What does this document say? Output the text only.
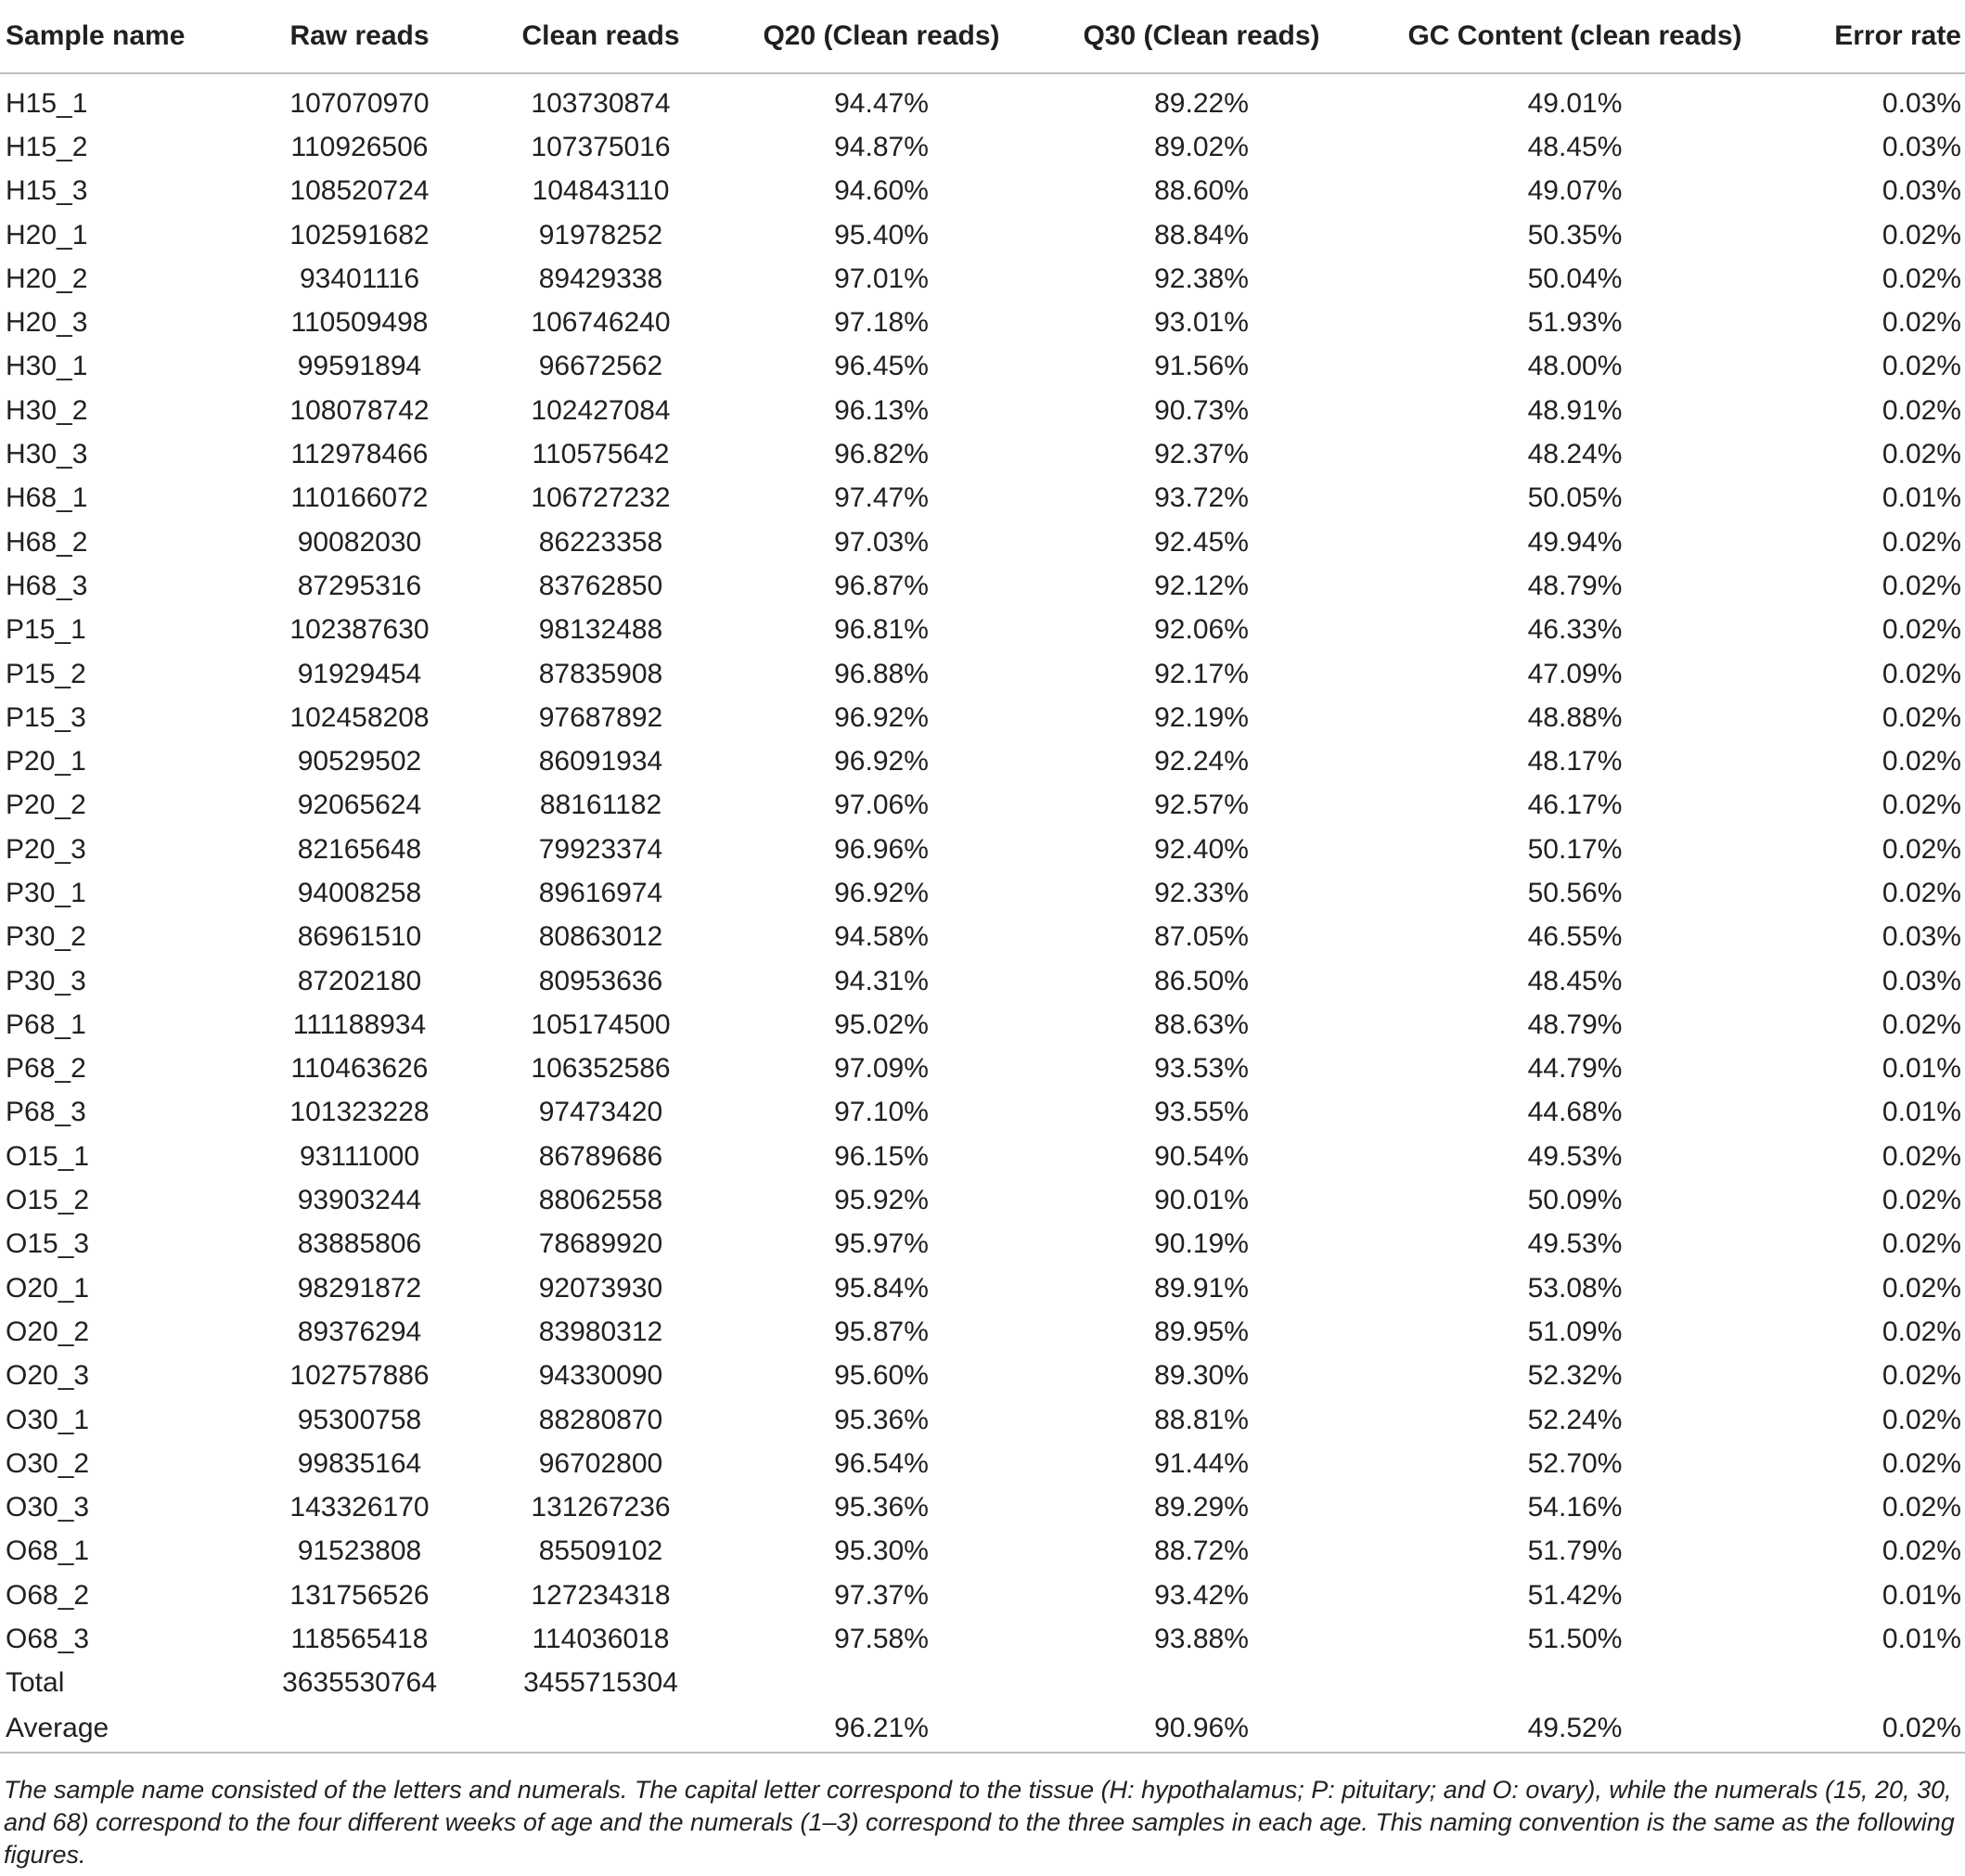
Sample name	Raw reads	Clean reads	Q20 (Clean reads)	Q30 (Clean reads)	GC Content (clean reads)	Error rate
H15_1	107070970	103730874	94.47%	89.22%	49.01%	0.03%
H15_2	110926506	107375016	94.87%	89.02%	48.45%	0.03%
H15_3	108520724	104843110	94.60%	88.60%	49.07%	0.03%
H20_1	102591682	91978252	95.40%	88.84%	50.35%	0.02%
H20_2	93401116	89429338	97.01%	92.38%	50.04%	0.02%
H20_3	110509498	106746240	97.18%	93.01%	51.93%	0.02%
H30_1	99591894	96672562	96.45%	91.56%	48.00%	0.02%
H30_2	108078742	102427084	96.13%	90.73%	48.91%	0.02%
H30_3	112978466	110575642	96.82%	92.37%	48.24%	0.02%
H68_1	110166072	106727232	97.47%	93.72%	50.05%	0.01%
H68_2	90082030	86223358	97.03%	92.45%	49.94%	0.02%
H68_3	87295316	83762850	96.87%	92.12%	48.79%	0.02%
P15_1	102387630	98132488	96.81%	92.06%	46.33%	0.02%
P15_2	91929454	87835908	96.88%	92.17%	47.09%	0.02%
P15_3	102458208	97687892	96.92%	92.19%	48.88%	0.02%
P20_1	90529502	86091934	96.92%	92.24%	48.17%	0.02%
P20_2	92065624	88161182	97.06%	92.57%	46.17%	0.02%
P20_3	82165648	79923374	96.96%	92.40%	50.17%	0.02%
P30_1	94008258	89616974	96.92%	92.33%	50.56%	0.02%
P30_2	86961510	80863012	94.58%	87.05%	46.55%	0.03%
P30_3	87202180	80953636	94.31%	86.50%	48.45%	0.03%
P68_1	111188934	105174500	95.02%	88.63%	48.79%	0.02%
P68_2	110463626	106352586	97.09%	93.53%	44.79%	0.01%
P68_3	101323228	97473420	97.10%	93.55%	44.68%	0.01%
O15_1	93111000	86789686	96.15%	90.54%	49.53%	0.02%
O15_2	93903244	88062558	95.92%	90.01%	50.09%	0.02%
O15_3	83885806	78689920	95.97%	90.19%	49.53%	0.02%
O20_1	98291872	92073930	95.84%	89.91%	53.08%	0.02%
O20_2	89376294	83980312	95.87%	89.95%	51.09%	0.02%
O20_3	102757886	94330090	95.60%	89.30%	52.32%	0.02%
O30_1	95300758	88280870	95.36%	88.81%	52.24%	0.02%
O30_2	99835164	96702800	96.54%	91.44%	52.70%	0.02%
O30_3	143326170	131267236	95.36%	89.29%	54.16%	0.02%
O68_1	91523808	85509102	95.30%	88.72%	51.79%	0.02%
O68_2	131756526	127234318	97.37%	93.42%	51.42%	0.01%
O68_3	118565418	114036018	97.58%	93.88%	51.50%	0.01%
Total	3635530764	3455715304				
Average			96.21%	90.96%	49.52%	0.02%
The sample name consisted of the letters and numerals. The capital letter correspond to the tissue (H: hypothalamus; P: pituitary; and O: ovary), while the numerals (15, 20, 30, and 68) correspond to the four different weeks of age and the numerals (1–3) correspond to the three samples in each age. This naming convention is the same as the following figures.
